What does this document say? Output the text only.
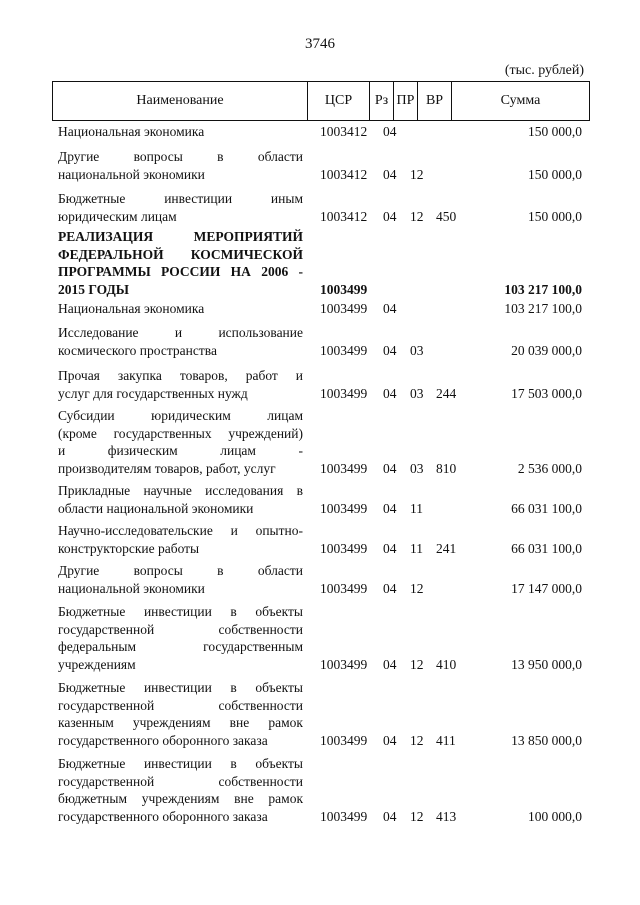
3746
(тыс. рублей)
Наименование	ЦСР	Рз ПР ВР	Сумма
Национальная экономика	1003412 04	150 000,0
Другие вопросы в области
национальной экономики	1003412 04 12	150 000,0
Бюджетные инвестиции иным
юридическим лицам	1003412 04 12 450	150 000,0
РЕАЛИЗАЦИЯ МЕРОПРИЯТИЙ
ФЕДЕРАЛЬНОЙ КОСМИЧЕСКОЙ
ПРОГРАММЫ РОССИИ НА 2006 -
2015 ГОДЫ	1003499	103 217 100,0
Национальная экономика	1003499 04	103 217 100,0
Исследование и использование
космического пространства	1003499 04 03	20 039 000,0
Прочая закупка товаров, работ и
услуг для государственных нужд	1003499 04 03 244	17 503 000,0
Субсидии юридическим лицам
(кроме государственных учреждений)
и физическим лицам -
производителям товаров, работ, услуг	1003499 04 03 810	2 536 000,0
Прикладные научные исследования в
области национальной экономики	1003499 04 11	66 031 100,0
Научно-исследовательские и опытно-
конструкторские работы	1003499 04 11 241	66 031 100,0
Другие вопросы в области
национальной экономики	1003499 04 12	17 147 000,0
Бюджетные инвестиции в объекты
государственной собственности
федеральным государственным
учреждениям	1003499 04 12 410	13 950 000,0
Бюджетные инвестиции в объекты
государственной собственности
казенным учреждениям вне рамок
государственного оборонного заказа	1003499 04 12 411	13 850 000,0
Бюджетные инвестиции в объекты
государственной собственности
бюджетным учреждениям вне рамок
государственного оборонного заказа	1003499 04 12 413	100 000,0
